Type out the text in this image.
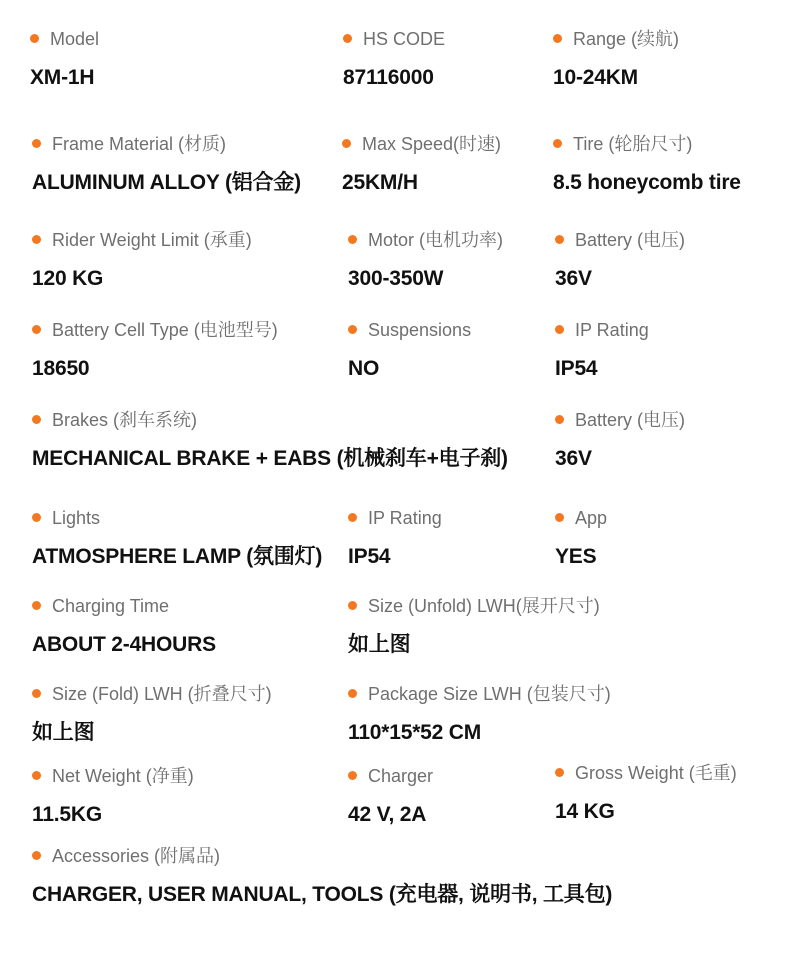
Model
XM-1H
HS CODE
87116000
Range (续航)
10-24KM
Frame Material (材质)
ALUMINUM ALLOY (铝合金)
Max Speed(时速)
25KM/H
Tire (轮胎尺寸)
8.5 honeycomb tire
Rider Weight Limit (承重)
120 KG
Motor (电机功率)
300-350W
Battery (电压)
36V
Battery Cell Type (电池型号)
18650
Suspensions
NO
IP Rating
IP54
Brakes (刹车系统)
MECHANICAL BRAKE + EABS (机械刹车+电子刹)
Battery (电压)
36V
Lights
ATMOSPHERE LAMP (氛围灯)
IP Rating
IP54
App
YES
Charging Time
ABOUT 2-4HOURS
Size (Unfold) LWH(展开尺寸)
如上图
Size (Fold) LWH (折叠尺寸)
如上图
Package Size LWH (包装尺寸)
110*15*52 CM
Net Weight (净重)
11.5KG
Charger
42 V, 2A
Gross Weight (毛重)
14 KG
Accessories (附属品)
CHARGER, USER MANUAL, TOOLS (充电器, 说明书, 工具包)
